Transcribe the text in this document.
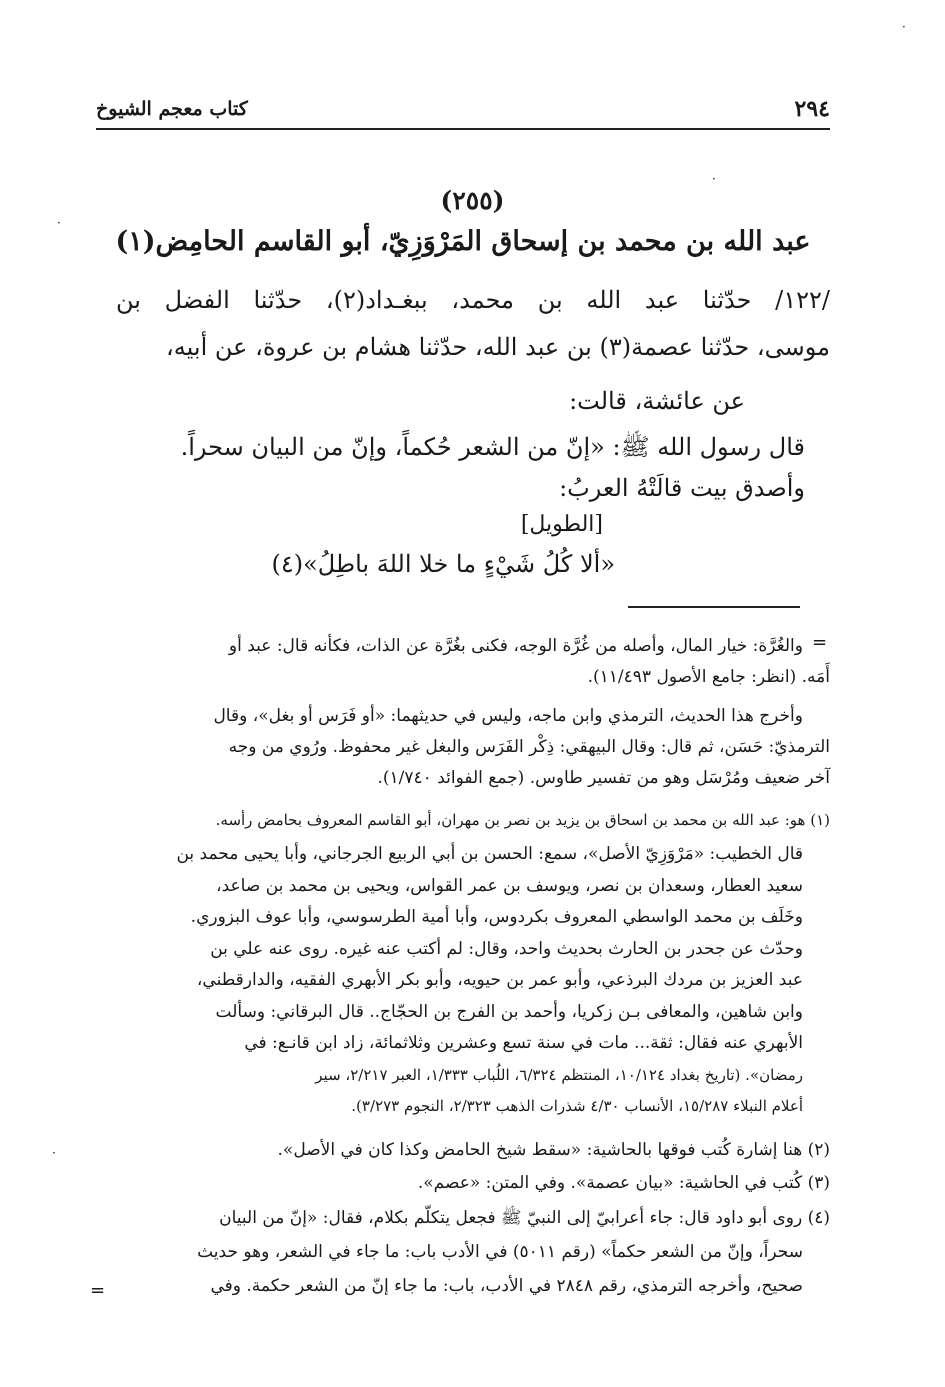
٢٩٤
كتاب معجم الشيوخ
(٢٥٥)
عبد الله بن محمد بن إسحاق المَرْوَزِيّ، أبو القاسم الحامِض(١)
/١٢٢/ حدّثنا عبد الله بن محمد، ببغـداد(٢)، حدّثنا الفضل بن
موسى، حدّثنا عصمة(٣) بن عبد الله، حدّثنا هشام بن عروة، عن أبيه،
عن عائشة، قالت:
قال رسول الله ﷺ: «إنّ من الشعر حُكماً، وإنّ من البيان سحراً.
وأصدق بيت قالَتْهُ العربُ:
[الطويل]
«ألا كُلُ شَيْءٍ ما خلا اللهَ باطِلُ»(٤)
=
والغُرَّة: خيار المال، وأصله من غُرَّة الوجه، فكنى بغُرَّة عن الذات، فكأنه قال: عبد أو
أَمَه. (انظر: جامع الأصول ١١/٤٩٣).
وأخرج هذا الحديث، الترمذي وابن ماجه، وليس في حديثهما: «أو فَرَس أو بغل»، وقال
الترمذيّ: حَسَن، ثم قال: وقال البيهقي: ذِكْر الفَرَس والبغل غير محفوظ. ورُوي من وجه
آخر ضعيف ومُرْسَل وهو من تفسير طاوس. (جمع الفوائد ١/٧٤٠).
(١) هو: عبد الله بن محمد بن اسحاق بن يزيد بن نصر بن مهران، أبو القاسم المعروف بحامض رأسه.
قال الخطيب: «مَرْوَزِيّ الأصل»، سمع: الحسن بن أبي الربيع الجرجاني، وأبا يحيى محمد بن
سعيد العطار، وسعدان بن نصر، ويوسف بن عمر القواس، ويحيى بن محمد بن صاعد،
وخَلَف بن محمد الواسطي المعروف بكردوس، وأبا أمية الطرسوسي، وأبا عوف البزوري.
وحدّث عن جحدر بن الحارث بحديث واحد، وقال: لم أكتب عنه غيره. روى عنه علي بن
عبد العزيز بن مردك البرذعي، وأبو عمر بن حيويه، وأبو بكر الأبهري الفقيه، والدارقطني،
وابن شاهين، والمعافى بـن زكريا، وأحمد بن الفرج بن الحجّاج.. قال البرقاني: وسألت
الأبهري عنه فقال: ثقة... مات في سنة تسع وعشرين وثلاثمائة، زاد ابن قانـع: في
رمضان». (تاريخ بغداد ١٠/١٢٤، المنتظم ٦/٣٢٤، اللُباب ١/٣٣٣، العبر ٢/٢١٧، سير
أعلام النبلاء ١٥/٢٨٧، الأنساب ٤/٣٠ شذرات الذهب ٢/٣٢٣، النجوم ٣/٢٧٣).
(٢) هنا إشارة كُتب فوقها بالحاشية: «سقط شيخ الحامض وكذا كان في الأصل».
(٣) كُتب في الحاشية: «بيان عصمة». وفي المتن: «عصم».
(٤) روى أبو داود قال: جاء أعرابيّ إلى النبيّ ﷺ فجعل يتكلّم بكلام، فقال: «إنّ من البيان
سحراً، وإنّ من الشعر حكماً» (رقم ٥٠١١) في الأدب باب: ما جاء في الشعر، وهو حديث
صحيح، وأخرجه الترمذي، رقم ٢٨٤٨ في الأدب، باب: ما جاء إنّ من الشعر حكمة. وفي
=
·
·
·
·
